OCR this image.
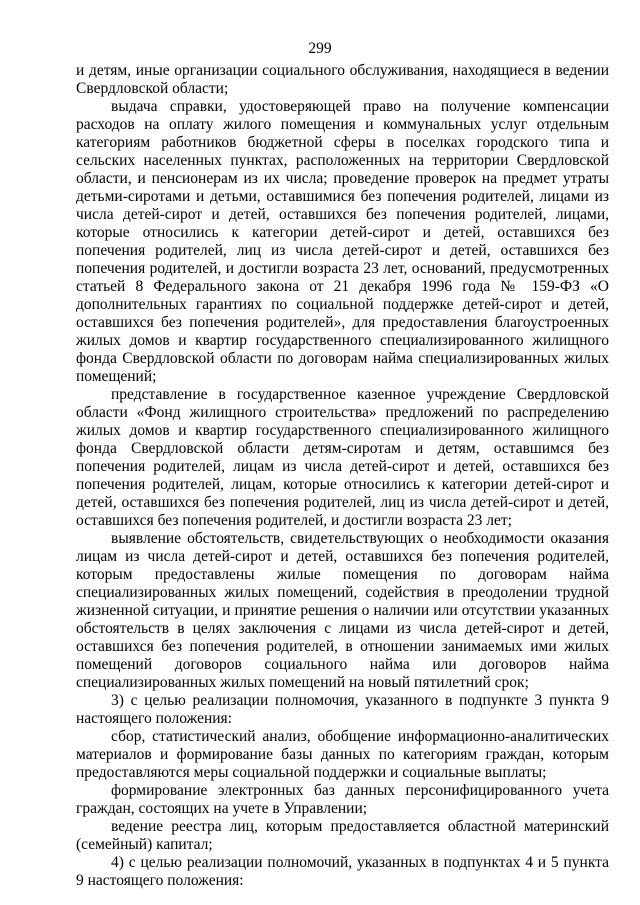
299

и детям, иные организации социального обслуживания, находящиеся в ведении Свердловской области;

выдача справки, удостоверяющей право на получение компенсации расходов на оплату жилого помещения и коммунальных услуг отдельным категориям работников бюджетной сферы в поселках городского типа и сельских населенных пунктах, расположенных на территории Свердловской области, и пенсионерам из их числа; проведение проверок на предмет утраты детьми-сиротами и детьми, оставшимися без попечения родителей, лицами из числа детей-сирот и детей, оставшихся без попечения родителей, лицами, которые относились к категории детей-сирот и детей, оставшихся без попечения родителей, лиц из числа детей-сирот и детей, оставшихся без попечения родителей, и достигли возраста 23 лет, оснований, предусмотренных статьей 8 Федерального закона от 21 декабря 1996 года № 159-ФЗ «О дополнительных гарантиях по социальной поддержке детей-сирот и детей, оставшихся без попечения родителей», для предоставления благоустроенных жилых домов и квартир государственного специализированного жилищного фонда Свердловской области по договорам найма специализированных жилых помещений;

представление в государственное казенное учреждение Свердловской области «Фонд жилищного строительства» предложений по распределению жилых домов и квартир государственного специализированного жилищного фонда Свердловской области детям-сиротам и детям, оставшимся без попечения родителей, лицам из числа детей-сирот и детей, оставшихся без попечения родителей, лицам, которые относились к категории детей-сирот и детей, оставшихся без попечения родителей, лиц из числа детей-сирот и детей, оставшихся без попечения родителей, и достигли возраста 23 лет;

выявление обстоятельств, свидетельствующих о необходимости оказания лицам из числа детей-сирот и детей, оставшихся без попечения родителей, которым предоставлены жилые помещения по договорам найма специализированных жилых помещений, содействия в преодолении трудной жизненной ситуации, и принятие решения о наличии или отсутствии указанных обстоятельств в целях заключения с лицами из числа детей-сирот и детей, оставшихся без попечения родителей, в отношении занимаемых ими жилых помещений договоров социального найма или договоров найма специализированных жилых помещений на новый пятилетний срок;

3) с целью реализации полномочия, указанного в подпункте 3 пункта 9 настоящего положения:

сбор, статистический анализ, обобщение информационно-аналитических материалов и формирование базы данных по категориям граждан, которым предоставляются меры социальной поддержки и социальные выплаты;

формирование электронных баз данных персонифицированного учета граждан, состоящих на учете в Управлении;

ведение реестра лиц, которым предоставляется областной материнский (семейный) капитал;

4) с целью реализации полномочий, указанных в подпунктах 4 и 5 пункта 9 настоящего положения:
